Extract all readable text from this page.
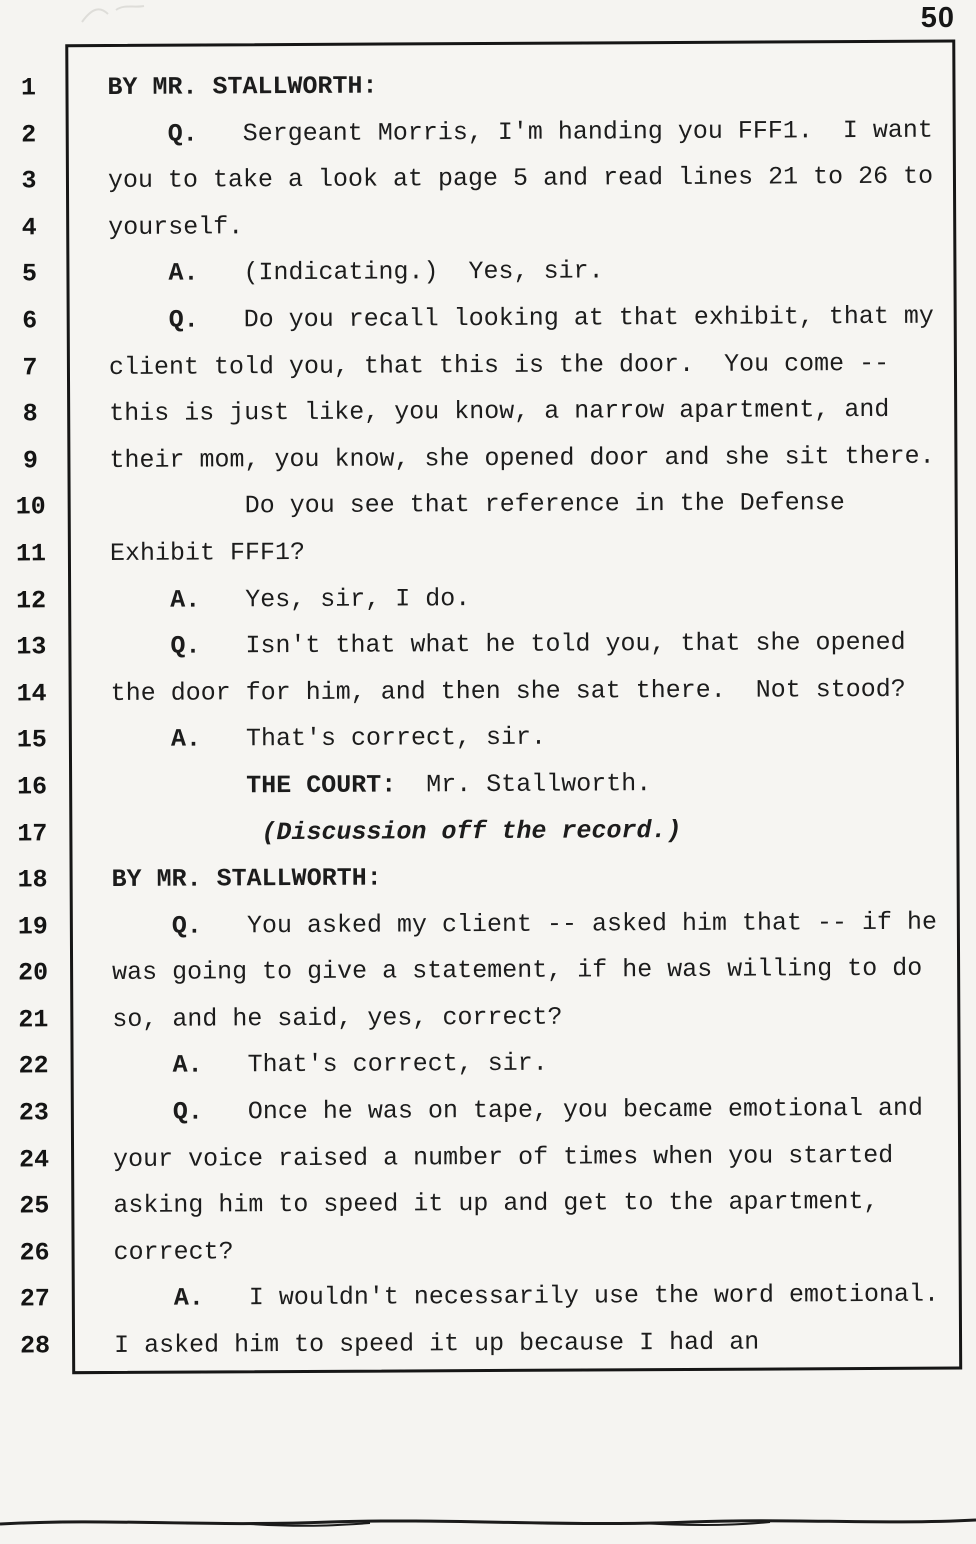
50
1
2
3
4
5
6
7
8
9
10
11
12
13
14
15
16
17
18
19
20
21
22
23
24
25
26
27
28
BY MR. STALLWORTH:
Q.   Sergeant Morris, I'm handing you FFF1.  I want
you to take a look at page 5 and read lines 21 to 26 to
yourself.
A.   (Indicating.)  Yes, sir.
Q.   Do you recall looking at that exhibit, that my
client told you, that this is the door.  You come --
this is just like, you know, a narrow apartment, and
their mom, you know, she opened door and she sit there.
Do you see that reference in the Defense
Exhibit FFF1?
A.   Yes, sir, I do.
Q.   Isn't that what he told you, that she opened
the door for him, and then she sat there.  Not stood?
A.   That's correct, sir.
THE COURT:  Mr. Stallworth.
(Discussion off the record.)
BY MR. STALLWORTH:
Q.   You asked my client -- asked him that -- if he
was going to give a statement, if he was willing to do
so, and he said, yes, correct?
A.   That's correct, sir.
Q.   Once he was on tape, you became emotional and
your voice raised a number of times when you started
asking him to speed it up and get to the apartment,
correct?
A.   I wouldn't necessarily use the word emotional.
I asked him to speed it up because I had an
